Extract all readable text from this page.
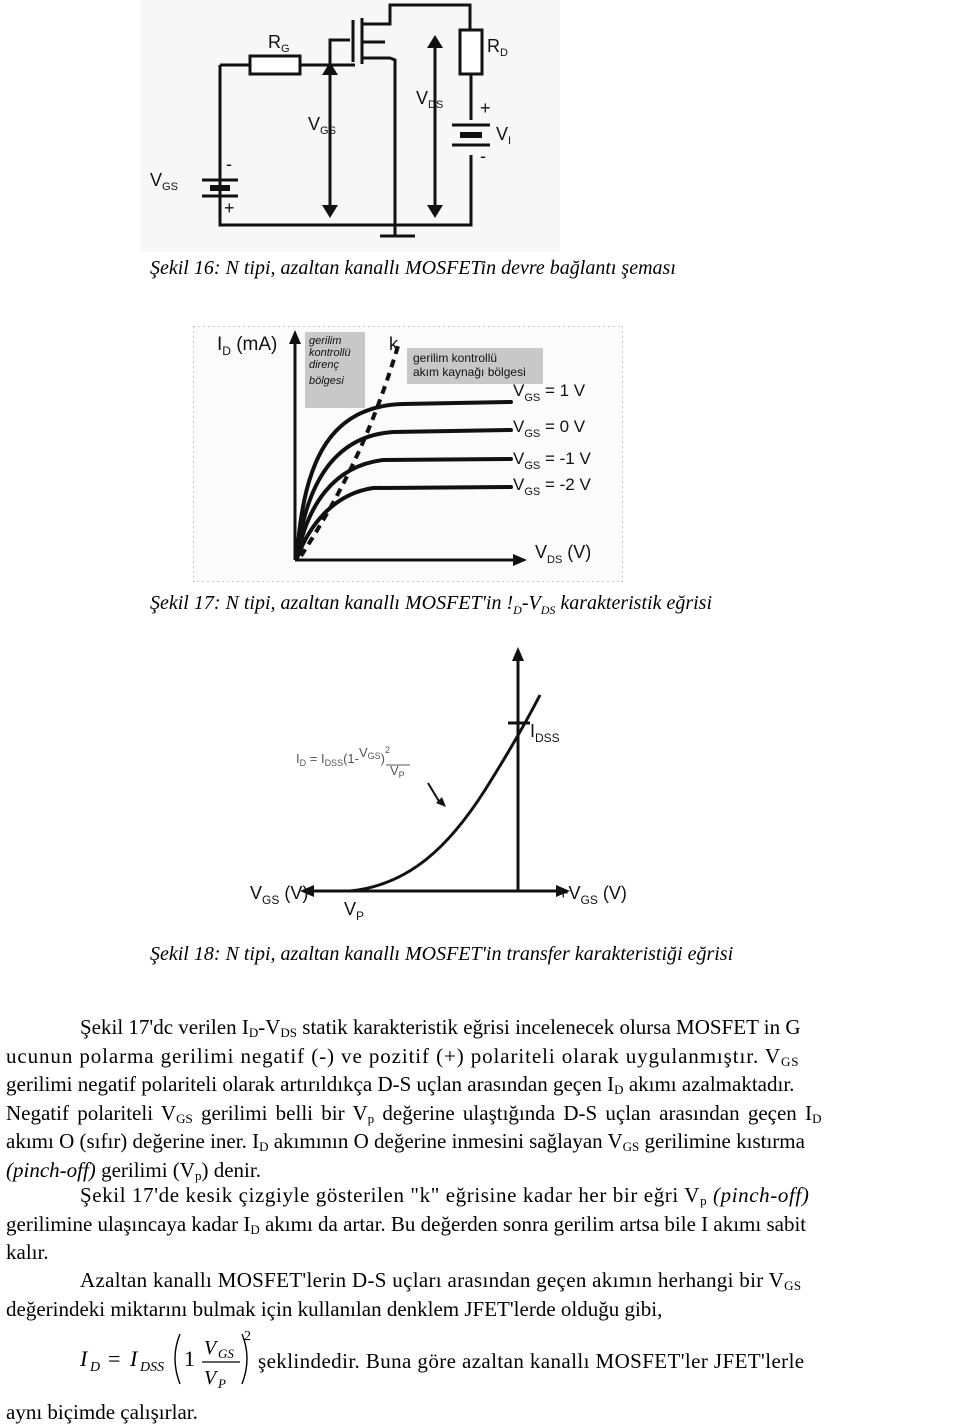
$R_G$	$R_D$
$V_{GS}$
$V_{DS}$
$V_I$
$V_{GS}$
+
-
+
-
Şekil 16: N tipi, azaltan kanallı MOSFETin devre bağlantı şeması
$I_D$ (mA)	k
gerilim
kontrollü
direnç
bölgesi
gerilim kontrollü
akım kaynağı bölgesi
$V_{GS} = 1$ V
$V_{GS} = 0$ V
$V_{GS} = -1$ V
$V_{GS} = -2$ V
$V_{DS}$ (V)
Şekil 17: N tipi, azaltan kanallı MOSFET'in $!_D-V_{DS}$ karakteristik eğrisi
$I_D = I_{DSS}(1-VGS)^2$
$V_P$
$I_{DSS}$
$V_{GS}$ (V)	$+V_{GS}$ (V)
$V_P$
Şekil 18: N tipi, azaltan kanallı MOSFET'in transfer karakteristiği eğrisi
Şekil 17'dc verilen $I_D-V_{DS}$ statik karakteristik eğrisi incelenecek olursa MOSFET in G
ucunun polarma gerilimi negatif (-) ve pozitif (+) polariteli olarak uygulanmıştır. $V_{GS}$
gerilimi negatif polariteli olarak artırıldıkça D-S uçlan arasından geçen $I_D$ akımı azalmaktadır.
Negatif polariteli $V_{GS}$ gerilimi belli bir $V_p$ değerine ulaştığında D-S uçlan arasından geçen $I_D$
akımı O (sıfır) değerine iner. $I_D$ akımının O değerine inmesini sağlayan $V_{GS}$ gerilimine kıstırma
(pinch-off) gerilimi $(V_p)$ denir.
Şekil 17'de kesik çizgiyle gösterilen "k" eğrisine kadar her bir eğri $V_p$ (pinch-off)
gerilimine ulaşıncaya kadar $I_D$ akımı da artar. Bu değerden sonra gerilim artsa bile I akımı sabit
kalır.
Azaltan kanallı MOSFET'lerin D-S uçları arasından geçen akımın herhangi bir $V_{GS}$
değerindeki miktarını bulmak için kullanılan denklem JFET'lerde olduğu gibi,
I D = I DSS 1 V GS
V P
2
şeklindedir. Buna göre azaltan kanallı MOSFET'ler JFET'lerle
aynı biçimde çalışırlar.
